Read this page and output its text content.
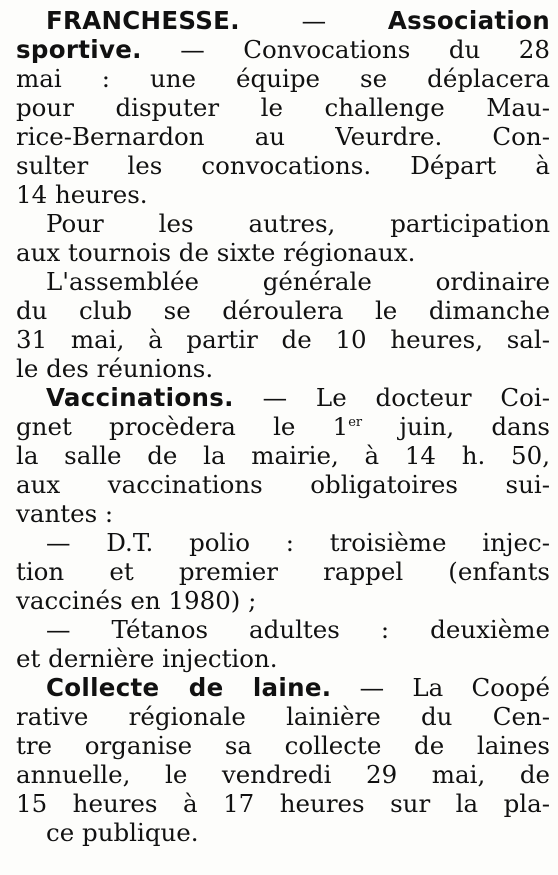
FRANCHESSE. — Association
sportive. — Convocations du 28
mai : une équipe se déplacera
pour disputer le challenge Mau-
rice-Bernardon au Veurdre. Con-
sulter les convocations. Départ à
14 heures.

Pour les autres, participation
aux tournois de sixte régionaux.

L'assemblée générale ordinaire
du club se déroulera le dimanche
31 mai, à partir de 10 heures, sal-
le des réunions.

Vaccinations. — Le docteur Coi-
gnet procèdera le 1er juin, dans
la salle de la mairie, à 14 h. 50,
aux vaccinations obligatoires sui-
vantes :

— D.T. polio : troisième injec-
tion et premier rappel (enfants
vaccinés en 1980) ;

— Tétanos adultes : deuxième
et dernière injection.

Collecte de laine. — La Coopé
rative régionale lainière du Cen-
tre organise sa collecte de laines
annuelle, le vendredi 29 mai, de
15 heures à 17 heures sur la pla-
ce publique.
